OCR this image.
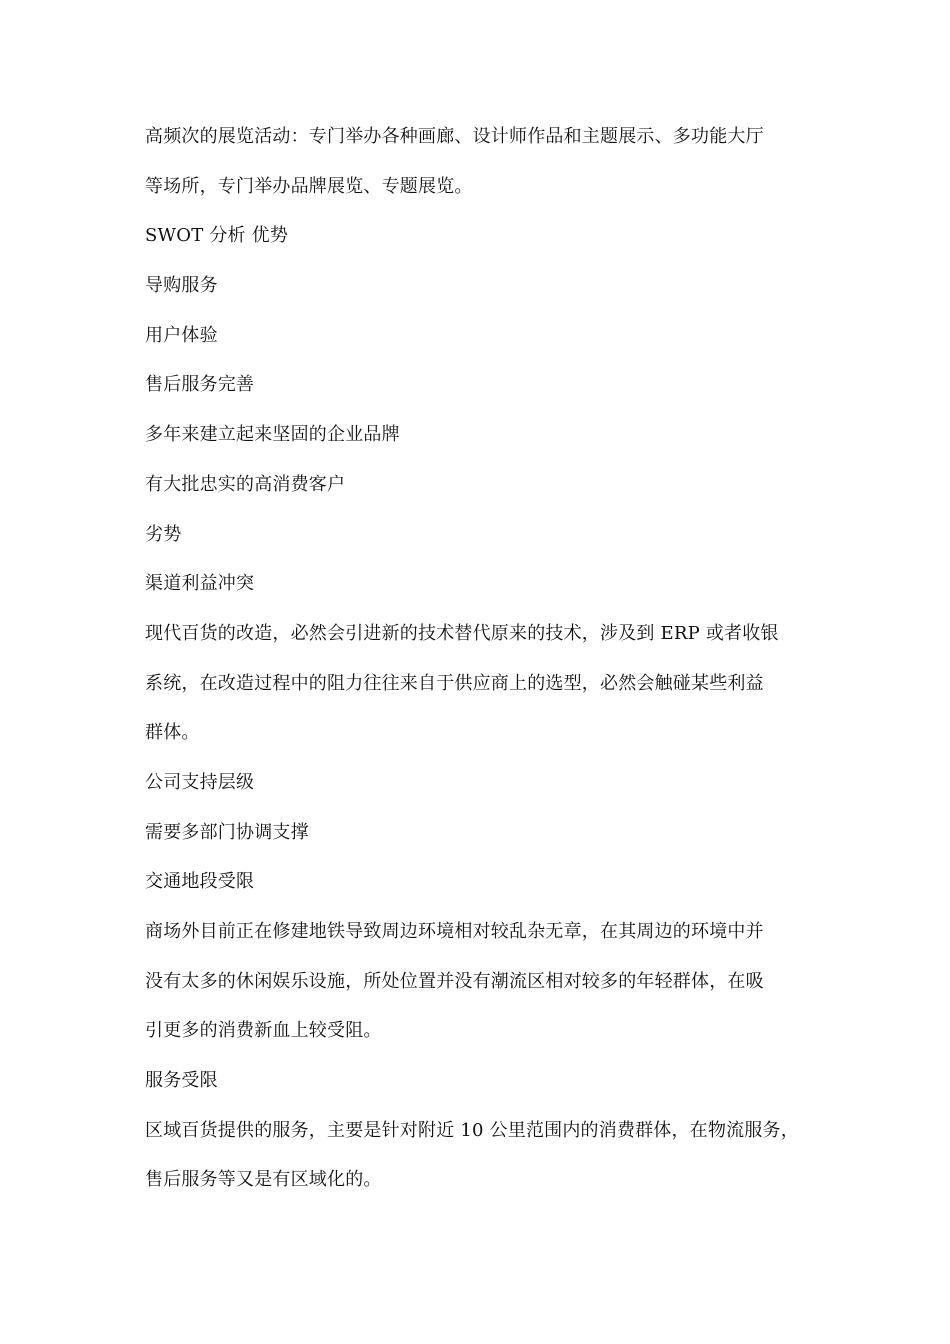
高频次的展览活动：专门举办各种画廊、设计师作品和主题展示、多功能大厅
等场所，专门举办品牌展览、专题展览。
SWOT 分析 优势
导购服务
用户体验
售后服务完善
多年来建立起来坚固的企业品牌
有大批忠实的高消费客户
劣势
渠道利益冲突
现代百货的改造，必然会引进新的技术替代原来的技术，涉及到 ERP 或者收银
系统，在改造过程中的阻力往往来自于供应商上的选型，必然会触碰某些利益
群体。
公司支持层级
需要多部门协调支撑
交通地段受限
商场外目前正在修建地铁导致周边环境相对较乱杂无章，在其周边的环境中并
没有太多的休闲娱乐设施，所处位置并没有潮流区相对较多的年轻群体，在吸
引更多的消费新血上较受阻。
服务受限
区域百货提供的服务，主要是针对附近 10 公里范围内的消费群体，在物流服务，
售后服务等又是有区域化的。
